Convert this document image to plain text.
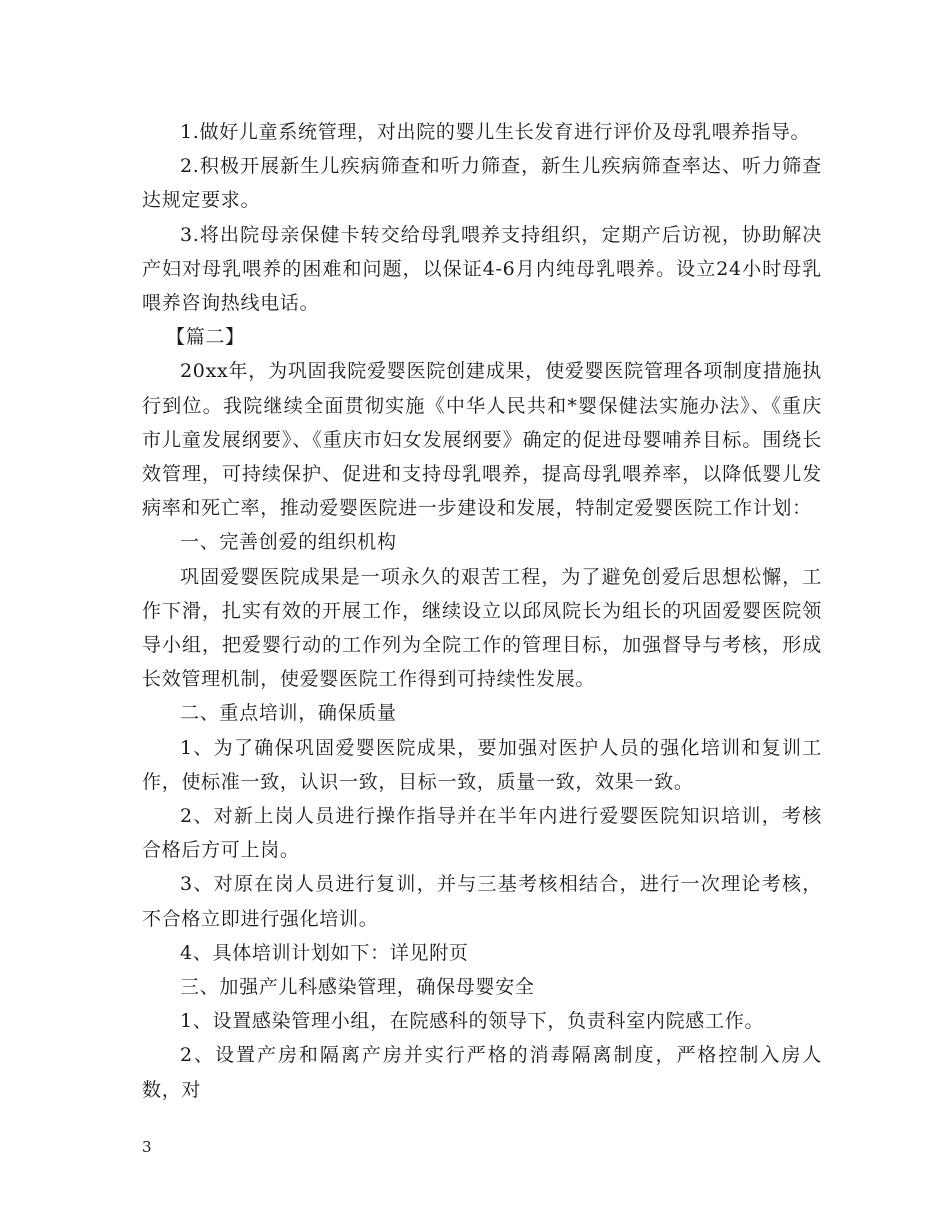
1.做好儿童系统管理，对出院的婴儿生长发育进行评价及母乳喂养指导。

2.积极开展新生儿疾病筛查和听力筛查，新生儿疾病筛查率达、听力筛查达规定要求。

3.将出院母亲保健卡转交给母乳喂养支持组织，定期产后访视，协助解决产妇对母乳喂养的困难和问题，以保证4-6月内纯母乳喂养。设立24小时母乳喂养咨询热线电话。

【篇二】

20xx年，为巩固我院爱婴医院创建成果，使爱婴医院管理各项制度措施执行到位。我院继续全面贯彻实施《中华人民共和*婴保健法实施办法》、《重庆市儿童发展纲要》、《重庆市妇女发展纲要》确定的促进母婴哺养目标。围绕长效管理，可持续保护、促进和支持母乳喂养，提高母乳喂养率，以降低婴儿发病率和死亡率，推动爱婴医院进一步建设和发展，特制定爱婴医院工作计划：

一、完善创爱的组织机构

巩固爱婴医院成果是一项永久的艰苦工程，为了避免创爱后思想松懈，工作下滑，扎实有效的开展工作，继续设立以邱凤院长为组长的巩固爱婴医院领导小组，把爱婴行动的工作列为全院工作的管理目标，加强督导与考核，形成长效管理机制，使爱婴医院工作得到可持续性发展。

二、重点培训，确保质量

1、为了确保巩固爱婴医院成果，要加强对医护人员的强化培训和复训工作，使标准一致，认识一致，目标一致，质量一致，效果一致。

2、对新上岗人员进行操作指导并在半年内进行爱婴医院知识培训，考核合格后方可上岗。

3、对原在岗人员进行复训，并与三基考核相结合，进行一次理论考核，不合格立即进行强化培训。

4、具体培训计划如下：详见附页

三、加强产儿科感染管理，确保母婴安全

1、设置感染管理小组，在院感科的领导下，负责科室内院感工作。

2、设置产房和隔离产房并实行严格的消毒隔离制度，严格控制入房人数，对

3
